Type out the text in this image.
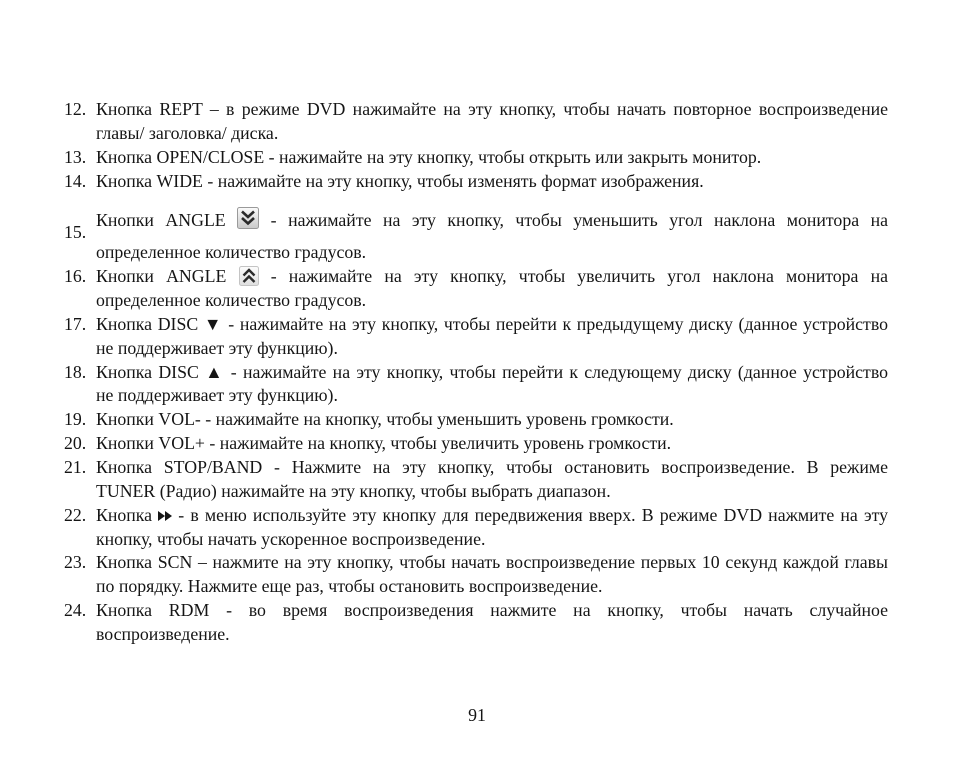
12. Кнопка REPT – в режиме DVD нажимайте на эту кнопку, чтобы начать повторное воспроизведение
главы/ заголовка/ диска.
13. Кнопка OPEN/CLOSE - нажимайте на эту кнопку, чтобы открыть или закрыть монитор.
14. Кнопка WIDE - нажимайте на эту кнопку, чтобы изменять формат изображения.
15.
Кнопки ANGLE	- нажимайте на эту кнопку, чтобы уменьшить угол наклона монитора на
определенное количество градусов.
16. Кнопки ANGLE - нажимайте на эту кнопку, чтобы увеличить угол наклона монитора на
определенное количество градусов.
17. Кнопка DISC ▼ - нажимайте на эту кнопку, чтобы перейти к предыдущему диску (данное устройство
не поддерживает эту функцию).
18. Кнопка DISC ▲ - нажимайте на эту кнопку, чтобы перейти к следующему диску (данное устройство
не поддерживает эту функцию).
19. Кнопки VOL- - нажимайте на кнопку, чтобы уменьшить уровень громкости.
20. Кнопки VOL+ - нажимайте на кнопку, чтобы увеличить уровень громкости.
21. Кнопка STOP/BAND - Нажмите на эту кнопку, чтобы остановить воспроизведение. В режиме
TUNER (Радио) нажимайте на эту кнопку, чтобы выбрать диапазон.
22. Кнопка - в меню используйте эту кнопку для передвижения вверх. В режиме DVD нажмите на эту
кнопку, чтобы начать ускоренное воспроизведение.
23. Кнопка SCN – нажмите на эту кнопку, чтобы начать воспроизведение первых 10 секунд каждой главы
по порядку. Нажмите еще раз, чтобы остановить воспроизведение.
24. Кнопка RDM - во время воспроизведения нажмите на кнопку, чтобы начать случайное
воспроизведение.
91
